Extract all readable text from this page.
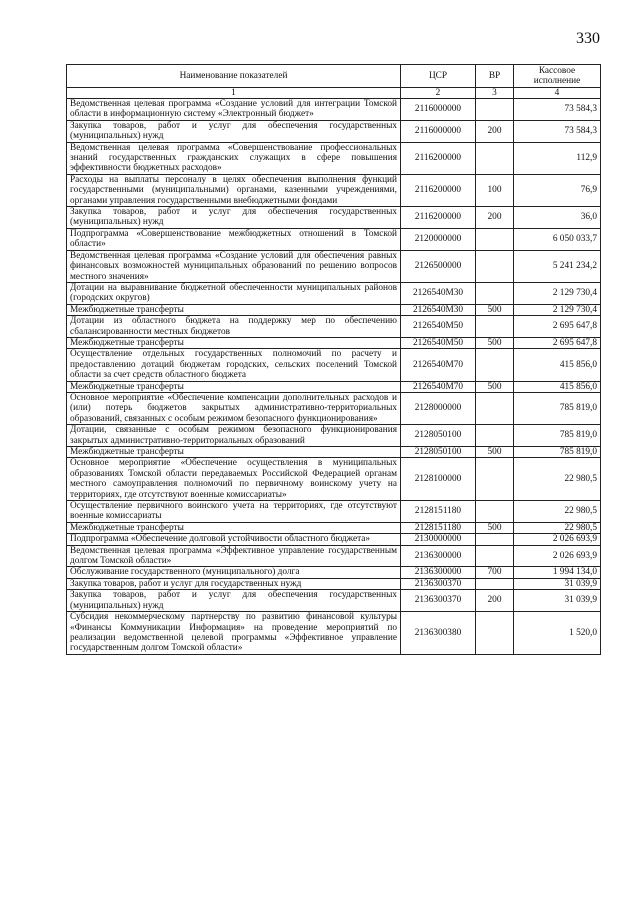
330
Наименование показателей	ЦСР	ВР	Кассовое исполнение
1	2	3	4
Ведомственная целевая программа «Создание условий для интеграции Томской области в информационную систему «Электронный бюджет»	2116000000		73 584,3
Закупка товаров, работ и услуг для обеспечения государственных (муниципальных) нужд	2116000000	200	73 584,3
Ведомственная целевая программа «Совершенствование профессиональных знаний государственных гражданских служащих в сфере повышения эффективности бюджетных расходов»	2116200000		112,9
Расходы на выплаты персоналу в целях обеспечения выполнения функций государственными (муниципальными) органами, казенными учреждениями, органами управления государственными внебюджетными фондами	2116200000	100	76,9
Закупка товаров, работ и услуг для обеспечения государственных (муниципальных) нужд	2116200000	200	36,0
Подпрограмма «Совершенствование межбюджетных отношений в Томской области»	2120000000		6 050 033,7
Ведомственная целевая программа «Создание условий для обеспечения равных финансовых возможностей муниципальных образований по решению вопросов местного значения»	2126500000		5 241 234,2
Дотации на выравнивание бюджетной обеспеченности муниципальных районов (городских округов)	2126540М30		2 129 730,4
Межбюджетные трансферты	2126540М30	500	2 129 730,4
Дотации из областного бюджета на поддержку мер по обеспечению сбалансированности местных бюджетов	2126540М50		2 695 647,8
Межбюджетные трансферты	2126540М50	500	2 695 647,8
Осуществление отдельных государственных полномочий по расчету и предоставлению дотаций бюджетам городских, сельских поселений Томской области за счет средств областного бюджета	2126540М70		415 856,0
Межбюджетные трансферты	2126540М70	500	415 856,0
Основное мероприятие «Обеспечение компенсации дополнительных расходов и (или) потерь бюджетов закрытых административно-территориальных образований, связанных с особым режимом безопасного функционирования»	2128000000		785 819,0
Дотации, связанные с особым режимом безопасного функционирования закрытых административно-территориальных образований	2128050100		785 819,0
Межбюджетные трансферты	2128050100	500	785 819,0
Основное мероприятие «Обеспечение осуществления в муниципальных образованиях Томской области передаваемых Российской Федерацией органам местного самоуправления полномочий по первичному воинскому учету на территориях, где отсутствуют военные комиссариаты»	2128100000		22 980,5
Осуществление первичного воинского учета на территориях, где отсутствуют военные комиссариаты	2128151180		22 980,5
Межбюджетные трансферты	2128151180	500	22 980,5
Подпрограмма «Обеспечение долговой устойчивости областного бюджета»	2130000000		2 026 693,9
Ведомственная целевая программа «Эффективное управление государственным долгом Томской области»	2136300000		2 026 693,9
Обслуживание государственного (муниципального) долга	2136300000	700	1 994 134,0
Закупка товаров, работ и услуг для государственных нужд	2136300370		31 039,9
Закупка товаров, работ и услуг для обеспечения государственных (муниципальных) нужд	2136300370	200	31 039,9
Субсидия некоммерческому партнерству по развитию финансовой культуры «Финансы Коммуникации Информация» на проведение мероприятий по реализации ведомственной целевой программы «Эффективное управление государственным долгом Томской области»	2136300380		1 520,0
